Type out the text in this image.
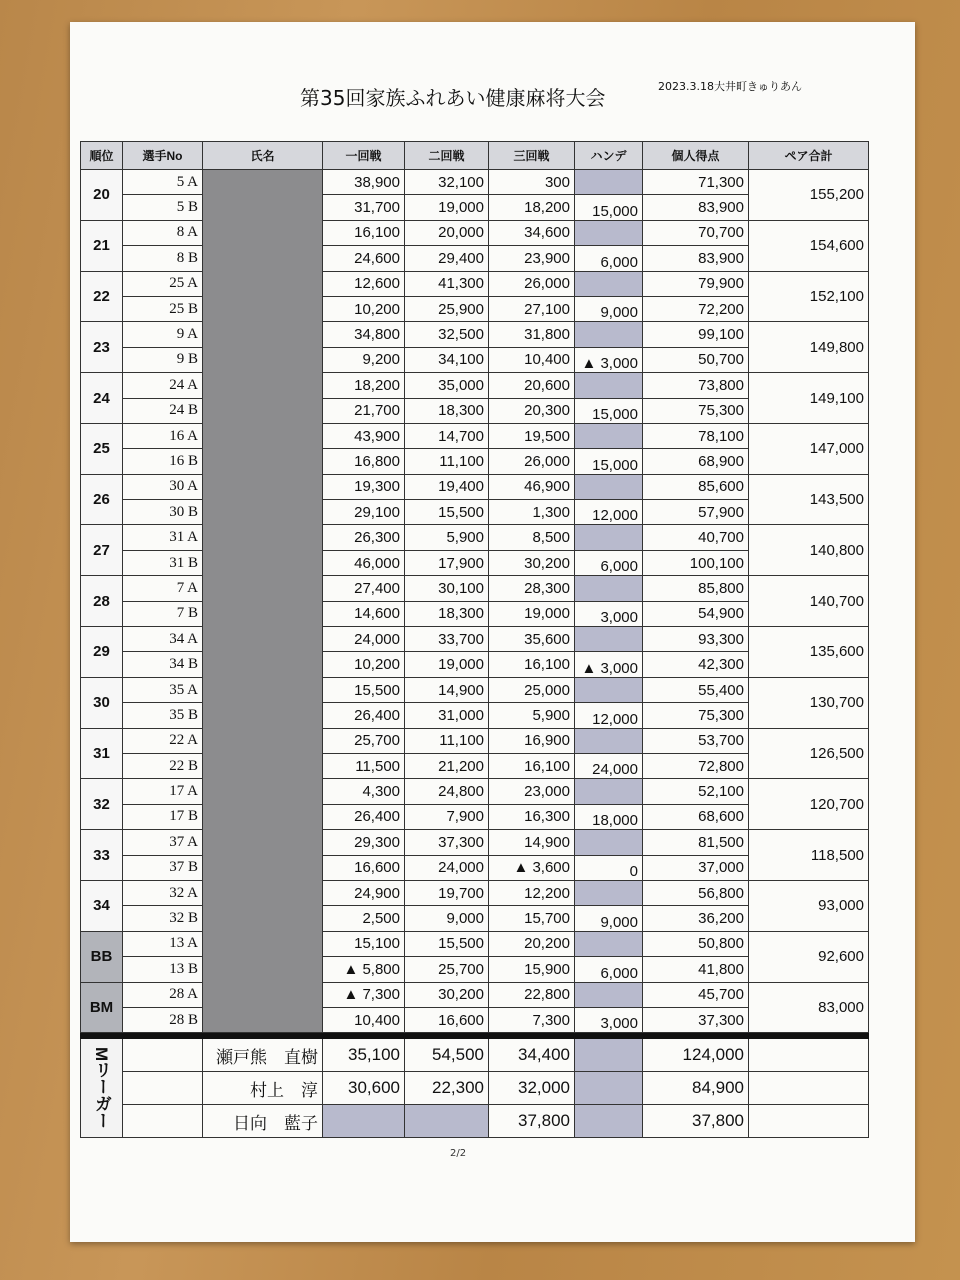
第35回家族ふれあい健康麻将大会	2023.3.18大井町きゅりあん
順位	選手No	氏名	一回戦	二回戦	三回戦	ハンデ	個人得点	ペア合計
20	5 A		38,900	32,100	300		71,300	155,200
	5 B		31,700	19,000	18,200	15,000	83,900	
21	8 A		16,100	20,000	34,600		70,700	154,600
	8 B		24,600	29,400	23,900	6,000	83,900	
22	25 A		12,600	41,300	26,000		79,900	152,100
	25 B		10,200	25,900	27,100	9,000	72,200	
23	9 A		34,800	32,500	31,800		99,100	149,800
	9 B		9,200	34,100	10,400	▲ 3,000	50,700	
24	24 A		18,200	35,000	20,600		73,800	149,100
	24 B		21,700	18,300	20,300	15,000	75,300	
25	16 A		43,900	14,700	19,500		78,100	147,000
	16 B		16,800	11,100	26,000	15,000	68,900	
26	30 A		19,300	19,400	46,900		85,600	143,500
	30 B		29,100	15,500	1,300	12,000	57,900	
27	31 A		26,300	5,900	8,500		40,700	140,800
	31 B		46,000	17,900	30,200	6,000	100,100	
28	7 A		27,400	30,100	28,300		85,800	140,700
	7 B		14,600	18,300	19,000	3,000	54,900	
29	34 A		24,000	33,700	35,600		93,300	135,600
	34 B		10,200	19,000	16,100	▲ 3,000	42,300	
30	35 A		15,500	14,900	25,000		55,400	130,700
	35 B		26,400	31,000	5,900	12,000	75,300	
31	22 A		25,700	11,100	16,900		53,700	126,500
	22 B		11,500	21,200	16,100	24,000	72,800	
32	17 A		4,300	24,800	23,000		52,100	120,700
	17 B		26,400	7,900	16,300	18,000	68,600	
33	37 A		29,300	37,300	14,900		81,500	118,500
	37 B		16,600	24,000	▲ 3,600	0	37,000	
34	32 A		24,900	19,700	12,200		56,800	93,000
	32 B		2,500	9,000	15,700	9,000	36,200	
BB	13 A		15,100	15,500	20,200		50,800	92,600
	13 B		▲ 5,800	25,700	15,900	6,000	41,800	
BM	28 A		▲ 7,300	30,200	22,800		45,700	83,000
	28 B		10,400	16,600	7,300	3,000	37,300	

Mリーガー		瀬戸熊　直樹	35,100	54,500	34,400		124,000	
		村上　淳	30,600	22,300	32,000		84,900	
		日向　藍子			37,800		37,800	
2/2
